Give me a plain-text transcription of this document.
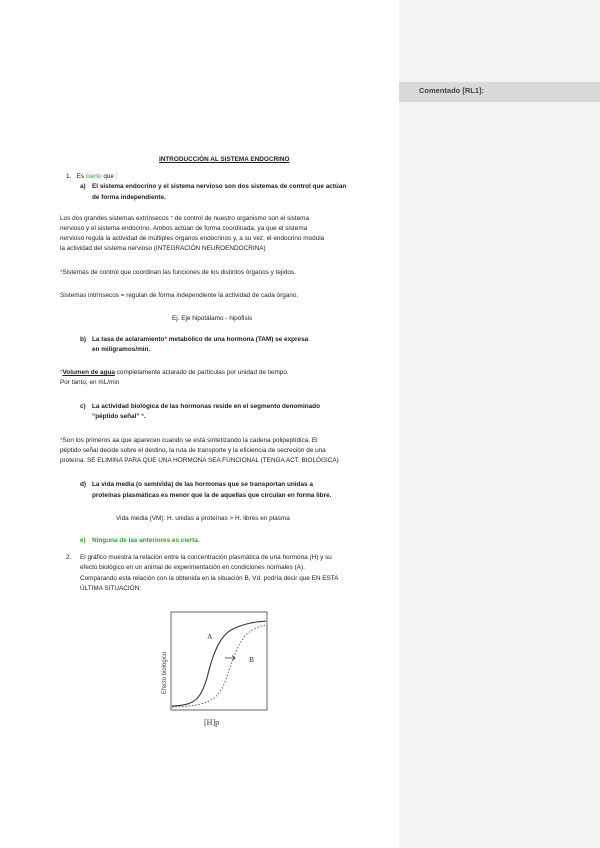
INTRODUCCIÓN AL SISTEMA ENDOCRINO
1. Es cierto que :
a) El sistema endocrino y el sistema nervioso son dos sistemas de control que actúan
de forma independiente.
Los dos grandes sistemas extrínsecos * de control de nuestro organismo son el sistema
nervioso y el sistema endocrino. Ambos actúan de forma coordinada, ya que el sistema
nervioso regula la actividad de múltiples órganos endocrinos y, a su vez, el endocrino modula
la actividad del sistema nervioso (INTEGRACIÓN NEUROENDOCRINA)
*Sistemas de control que coordinan las funciones de los distintos órganos y tejidos.
Sistemas intrínsecos = regulan de forma independiente la actividad de cada órgano.
Ej. Eje hipotálamo - hipófisis
b) La tasa de aclaramiento* metabólico de una hormona (TAM) se expresa
en miligramos/min.
*Volumen de agua completamente aclarado de partículas por unidad de tiempo.
Por tanto, en mL/min
c) La actividad biológica de las hormonas reside en el segmento denominado
“péptido señal” *.
*Son los primeros aa que aparecen cuando se está sintetizando la cadena polipeptídica. El
péptido señal decide sobre el destino, la ruta de transporte y la eficiencia de secreción de una
proteína. SE ELIMINA PARA QUE UNA HORMONA SEA FUNCIONAL (TENGA ACT. BIOLÓGICA)
d) La vida media (o semivida) de las hormonas que se transportan unidas a
proteínas plasmáticas es menor que la de aquellas que circulan en forma libre.
Vida media (VM): H. unidas a proteínas > H. libres en plasma
e) Ninguna de las anteriores es cierta.
2. El gráfico muestra la relación entre la concentración plasmática de una hormona (H) y su
efecto biológico en un animal de experimentación en condiciones normales (A).
Comparando esta relación con la obtenida en la situación B, Vd. podría decir que EN ESTA
ÚLTIMA SITUACIÓN:
A
B
Efecto biológico
[H]p
Comentado [RL1]:
